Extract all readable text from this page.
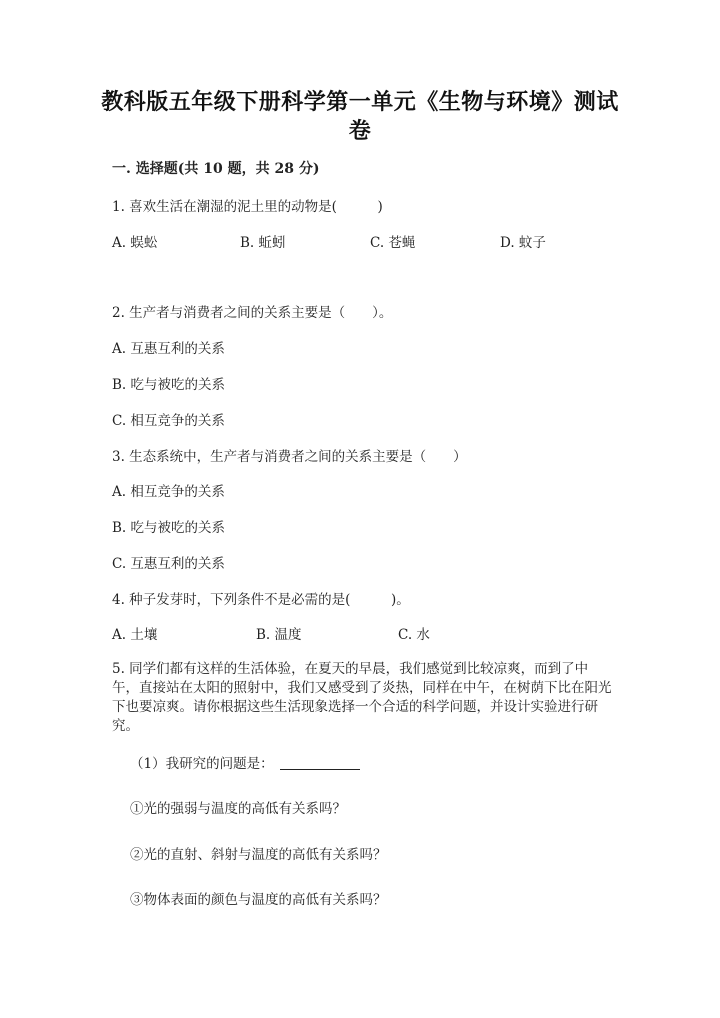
教科版五年级下册科学第一单元《生物与环境》测试卷
一. 选择题(共 10 题，共 28 分)
1. 喜欢生活在潮湿的泥土里的动物是(　　　)
A. 蜈蚣	B. 蚯蚓	C. 苍蝇	D. 蚊子
2. 生产者与消费者之间的关系主要是（　　）。
A. 互惠互利的关系
B. 吃与被吃的关系
C. 相互竞争的关系
3. 生态系统中，生产者与消费者之间的关系主要是（　　）
A. 相互竞争的关系
B. 吃与被吃的关系
C. 互惠互利的关系
4. 种子发芽时，下列条件不是必需的是(　　　)。
A. 土壤	B. 温度	C. 水
5. 同学们都有这样的生活体验，在夏天的早晨，我们感觉到比较凉爽，而到了中午，直接站在太阳的照射中，我们又感受到了炎热，同样在中午，在树荫下比在阳光下也要凉爽。请你根据这些生活现象选择一个合适的科学问题，并设计实验进行研究。
（1）我研究的问题是：
①光的强弱与温度的高低有关系吗？
②光的直射、斜射与温度的高低有关系吗？
③物体表面的颜色与温度的高低有关系吗？
